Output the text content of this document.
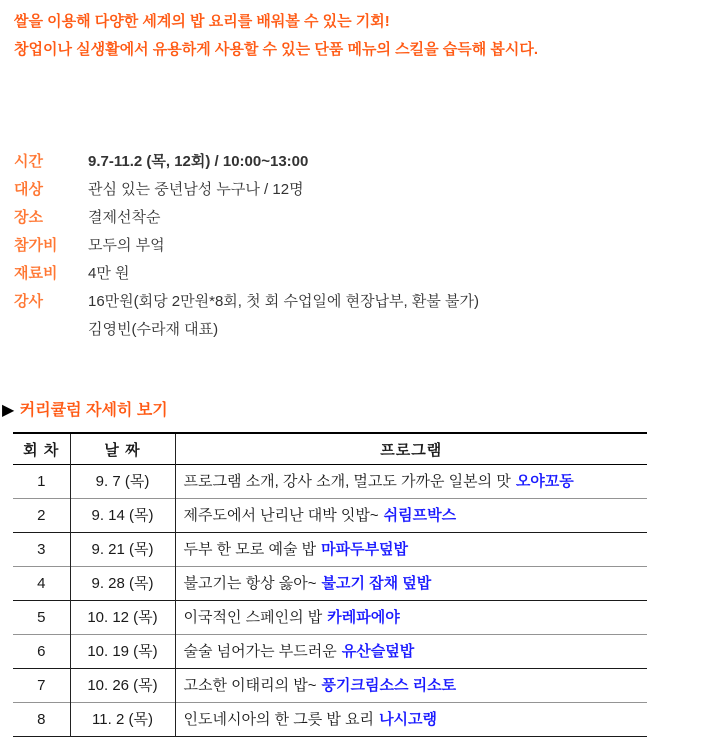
쌀을 이용해 다양한 세계의 밥 요리를 배워볼 수 있는 기회!
창업이나 실생활에서 유용하게 사용할 수 있는 단품 메뉴의 스킬을 습득해 봅시다.
시간	9.7-11.2 (목, 12회) / 10:00~13:00
대상	관심 있는 중년남성 누구나 / 12명
장소	결제선착순
참가비	모두의 부엌
재료비	4만 원
강사	16만원(회당 2만원*8회, 첫 회 수업일에 현장납부, 환불 불가)
김영빈(수라재 대표)
▶ 커리큘럼 자세히 보기
회 차	날 짜	프로그램
1	9. 7 (목)	프로그램 소개, 강사 소개, 멀고도 가까운 일본의 맛 오야꼬동
2	9. 14 (목)	제주도에서 난리난 대박 잇밥~ 쉬림프박스
3	9. 21 (목)	두부 한 모로 예술 밥 마파두부덮밥
4	9. 28 (목)	불고기는 항상 옳아~ 불고기 잡채 덮밥
5	10. 12 (목)	이국적인 스페인의 밥 카레파에야
6	10. 19 (목)	술술 넘어가는 부드러운 유산슬덮밥
7	10. 26 (목)	고소한 이태리의 밥~ 풍기크림소스 리소토
8	11. 2 (목)	인도네시아의 한 그릇 밥 요리 나시고랭
